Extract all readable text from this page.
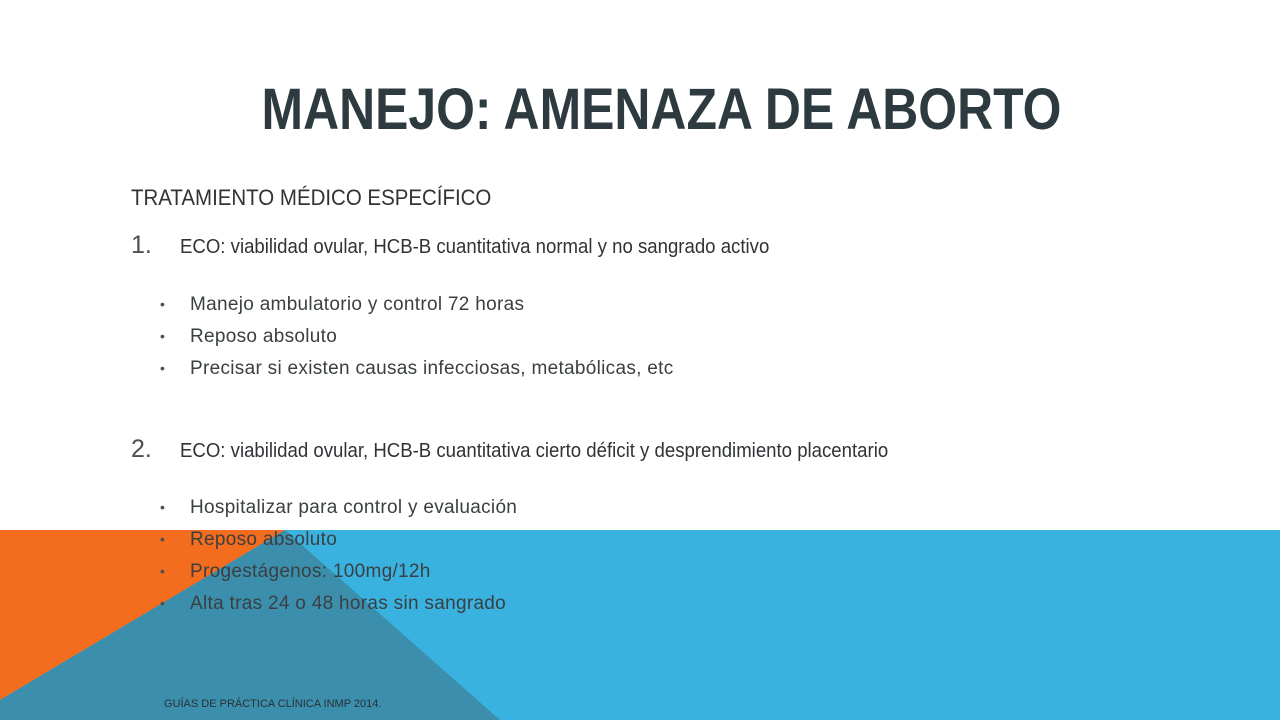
MANEJO: AMENAZA DE ABORTO
TRATAMIENTO MÉDICO ESPECÍFICO
1. ECO: viabilidad ovular, HCB-B cuantitativa normal y no sangrado activo
• Manejo ambulatorio y control 72 horas
• Reposo absoluto
• Precisar si existen causas infecciosas, metabólicas, etc
2. ECO: viabilidad ovular, HCB-B cuantitativa cierto déficit y desprendimiento placentario
• Hospitalizar para control y evaluación
• Reposo absoluto
• Progestágenos: 100mg/12h
• Alta tras 24 o 48 horas sin sangrado
GUÍAS DE PRÁCTICA CLÍNICA INMP 2014.
